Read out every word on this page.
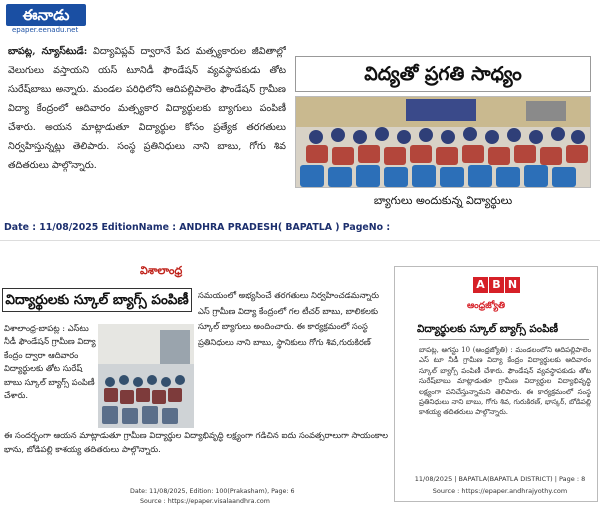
ఈనాడు
epaper.eenadu.net
బాపట్ల, న్యూస్‌టుడే: విద్యావిప్లవ్ ద్వారానే పేద మత్స్యకారుల జీవితాల్లో వెలుగులు వస్తాయని యస్ టూనిడీ ఫౌండేషన్ వ్యవస్థాపకుడు తోట సురేష్‌బాబు అన్నారు. మండల పరిధిలోని ఆదిపల్లిపాలెం ఫౌండేషన్ గ్రామీణ విద్యా కేంద్రంలో ఆదివారం మత్స్యకార విద్యార్థులకు బ్యాగులు పంపిణీ చేశారు. అయన మాట్లాడుతూ విద్యార్థుల కోసం ప్రత్యేక తరగతులు నిర్వహిస్తున్నట్లు తెలిపారు. సంస్థ ప్రతినిధులు నాని బాబు, గోగు శివ తదితరులు పాల్గొన్నారు.
విద్యతో ప్రగతి సాధ్యం
బ్యాగులు అందుకున్న విద్యార్థులు
Date : 11/08/2025 EditionName : ANDHRA PRADESH( BAPATLA ) PageNo :
విశాలాంధ్ర
విద్యార్థులకు స్కూల్ బ్యాగ్స్ పంపిణీ
విశాలాంధ్ర-బాపట్ల : ఎస్‌టు నీడీ ఫౌండేషన్ గ్రామీణ విద్యా కేంద్రం ద్వారా ఆదివారం విద్యార్థులకు తోట సురేష్ బాబు స్కూల్ బ్యాగ్స్ పంపిణీ చేశారు.
సమయంలో అభ్యసించే తరగతులు నిర్వహించడమన్నారు ఎస్ గ్రామీణ విద్యా కేంద్రంలో గల టీచర్ బాబు, బాలికలకు స్కూల్ బ్యాగులు అందించారు. ఈ కార్యక్రమంలో సంస్థ ప్రతినిధులు నాని బాబు, స్థానికులు గోగు శివ,గురుకిరణ్
ఈ సందర్భంగా ఆయన మాట్లాడుతూ గ్రామీణ విద్యార్థుల విద్యాభివృద్ధి లక్ష్యంగా గడిచిన ఐదు సంవత్సరాలుగా సాయంకాల భాను, బోడిపల్లి కాశయ్య తదితరులు పాల్గొన్నారు.
Date: 11/08/2025, Edition: 100(Prakasham), Page: 6
Source : https://epaper.visalaandhra.com
A B N
ఆంధ్రజ్యోతి
విద్యార్థులకు స్కూల్ బ్యాగ్స్ పంపిణీ
బాపట్ల, ఆగస్టు 10 (ఆంధ్రజ్యోతి) : మండలంలోని ఆదిపల్లిపాలెం ఎస్ టూ నీడీ గ్రామీణ విద్యా కేంద్రం విద్యార్థులకు ఆదివారం స్కూల్ బ్యాగ్స్ పంపిణీ చేశారు. ఫౌండేషన్ వ్యవస్థాపకుడు తోట సురేష్‌బాబు మాట్లాడుతూ గ్రామీణ విద్యార్థుల విద్యాభివృద్ధి లక్ష్యంగా పనిచేస్తున్నామని తెలిపారు. ఈ కార్యక్రమంలో సంస్థ ప్రతినిధులు నాని బాబు, గోగు శివ, గురుకిరణ్, భాస్కర్, బోడిపల్లి కాశయ్య తదితరులు పాల్గొన్నారు.
11/08/2025 | BAPATLA(BAPATLA DISTRICT) | Page : 8
Source : https://epaper.andhrajyothy.com
